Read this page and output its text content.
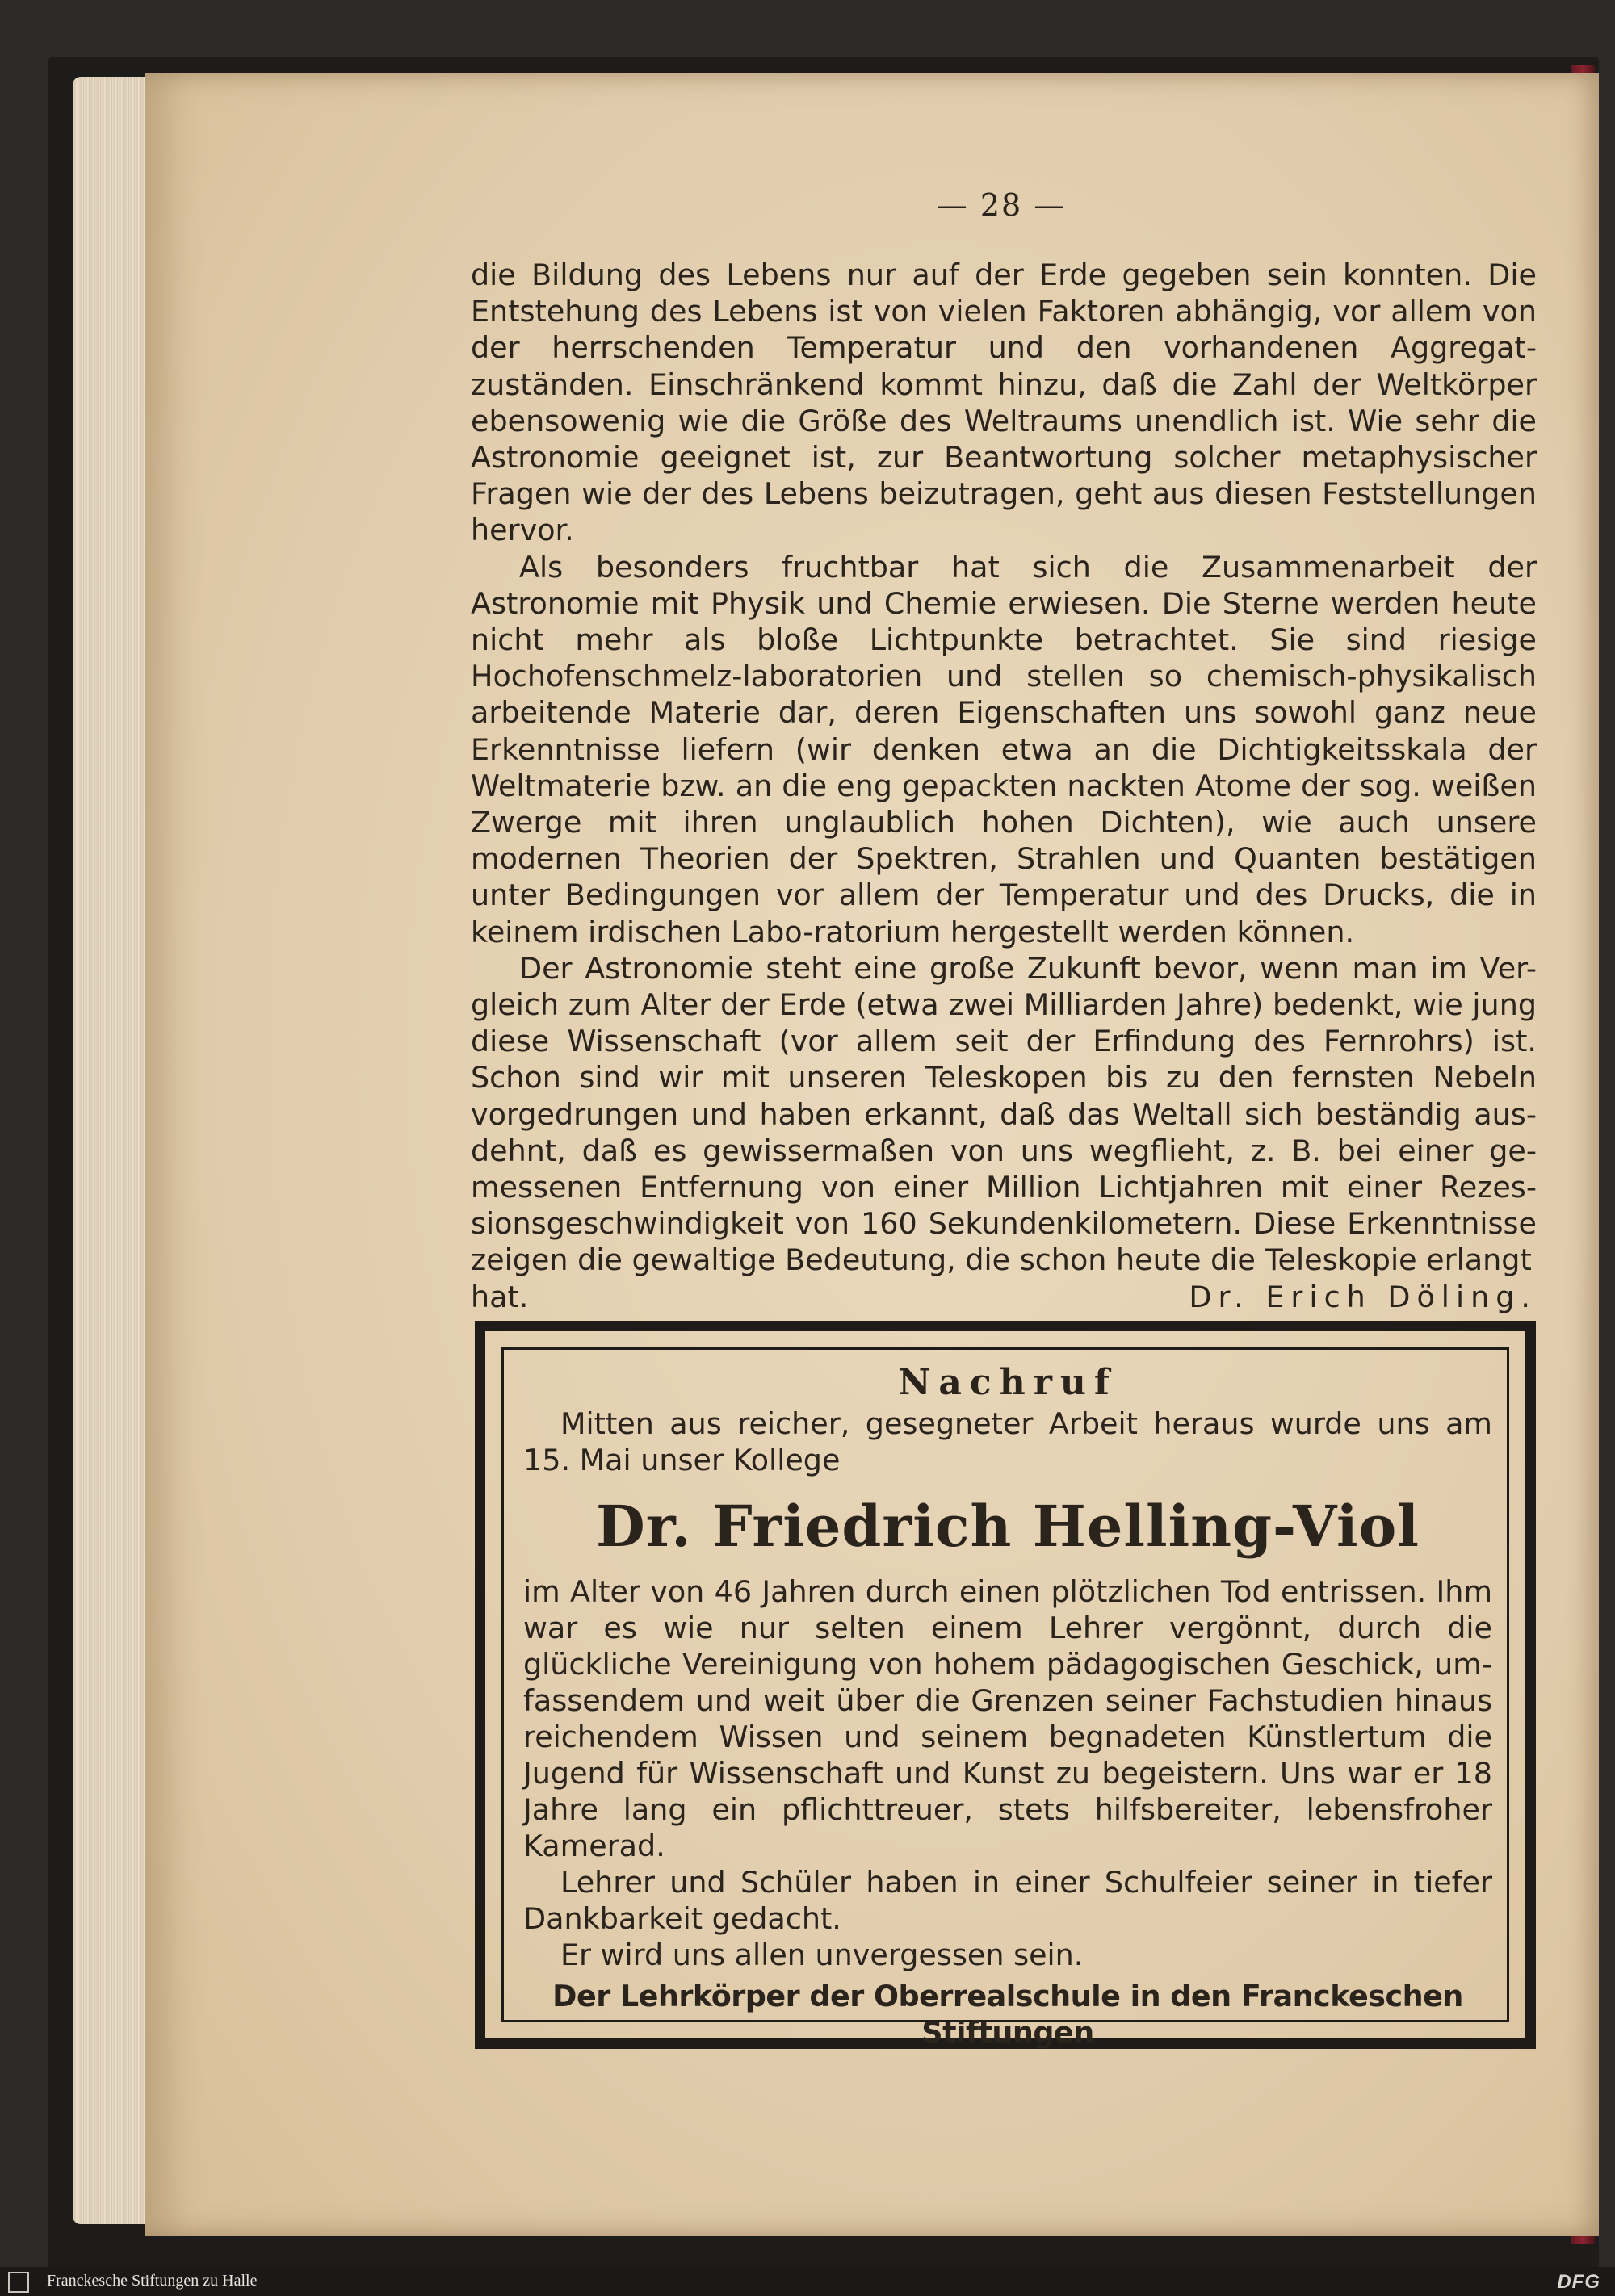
— 28 —

die Bildung des Lebens nur auf der Erde gegeben sein konnten. Die Entstehung des Lebens ist von vielen Faktoren abhängig, vor allem von der herrschenden Temperatur und den vorhandenen Aggregat-zuständen. Einschränkend kommt hinzu, daß die Zahl der Weltkörper ebensowenig wie die Größe des Weltraums unendlich ist. Wie sehr die Astronomie geeignet ist, zur Beantwortung solcher metaphysischer Fragen wie der des Lebens beizutragen, geht aus diesen Feststellungen hervor.

Als besonders fruchtbar hat sich die Zusammenarbeit der Astronomie mit Physik und Chemie erwiesen. Die Sterne werden heute nicht mehr als bloße Lichtpunkte betrachtet. Sie sind riesige Hochofenschmelz-laboratorien und stellen so chemisch-physikalisch arbeitende Materie dar, deren Eigenschaften uns sowohl ganz neue Erkenntnisse liefern (wir denken etwa an die Dichtigkeitsskala der Weltmaterie bzw. an die eng gepackten nackten Atome der sog. weißen Zwerge mit ihren unglaublich hohen Dichten), wie auch unsere modernen Theorien der Spektren, Strahlen und Quanten bestätigen unter Bedingungen vor allem der Temperatur und des Drucks, die in keinem irdischen Labo-ratorium hergestellt werden können.

Der Astronomie steht eine große Zukunft bevor, wenn man im Ver-gleich zum Alter der Erde (etwa zwei Milliarden Jahre) bedenkt, wie jung diese Wissenschaft (vor allem seit der Erfindung des Fernrohrs) ist. Schon sind wir mit unseren Teleskopen bis zu den fernsten Nebeln vorgedrungen und haben erkannt, daß das Weltall sich beständig aus-dehnt, daß es gewissermaßen von uns wegflieht, z. B. bei einer ge-messenen Entfernung von einer Million Lichtjahren mit einer Rezes-sionsgeschwindigkeit von 160 Sekundenkilometern. Diese Erkenntnisse zeigen die gewaltige Bedeutung, die schon heute die Teleskopie erlangt

hat.	Dr. Erich Döling.
Nachruf

Mitten aus reicher, gesegneter Arbeit heraus wurde uns am 15. Mai unser Kollege

Dr. Friedrich Helling-Viol

im Alter von 46 Jahren durch einen plötzlichen Tod entrissen. Ihm war es wie nur selten einem Lehrer vergönnt, durch die glückliche Vereinigung von hohem pädagogischen Geschick, um-fassendem und weit über die Grenzen seiner Fachstudien hinaus reichendem Wissen und seinem begnadeten Künstlertum die Jugend für Wissenschaft und Kunst zu begeistern. Uns war er 18 Jahre lang ein pflichttreuer, stets hilfsbereiter, lebensfroher Kamerad.

Lehrer und Schüler haben in einer Schulfeier seiner in tiefer Dankbarkeit gedacht.

Er wird uns allen unvergessen sein.

Der Lehrkörper der Oberrealschule in den Franckeschen Stiftungen

Franckesche Stiftungen zu Halle	DFG
